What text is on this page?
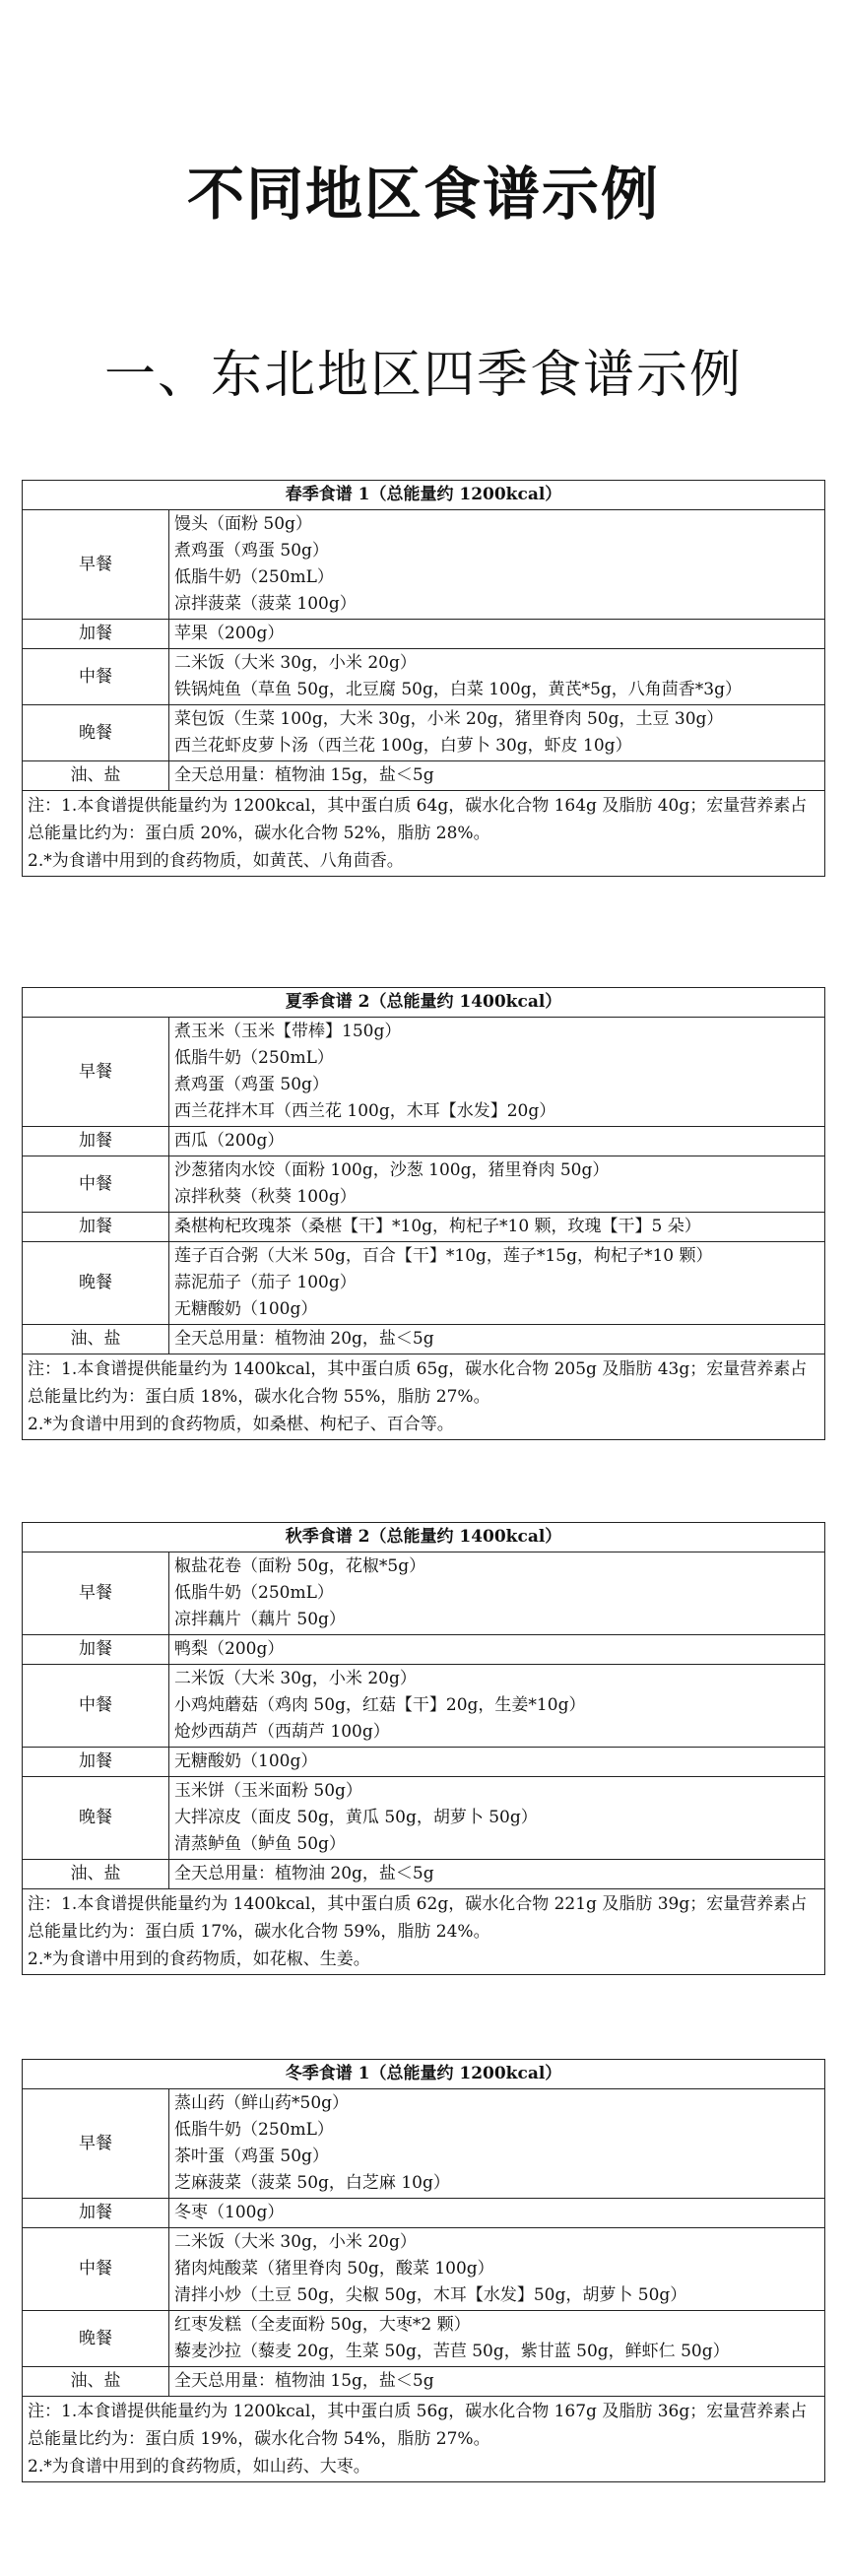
不同地区食谱示例
一、东北地区四季食谱示例
春季食谱 1（总能量约 1200kcal）	
早餐	馒头（面粉 50g）
煮鸡蛋（鸡蛋 50g）
低脂牛奶（250mL）
凉拌菠菜（菠菜 100g）

加餐	苹果（200g）

中餐	二米饭（大米 30g，小米 20g）
铁锅炖鱼（草鱼 50g，北豆腐 50g，白菜 100g，黄芪*5g，八角茴香*3g）

晚餐	菜包饭（生菜 100g，大米 30g，小米 20g，猪里脊肉 50g，土豆 30g）
西兰花虾皮萝卜汤（西兰花 100g，白萝卜 30g，虾皮 10g）

油、盐	全天总用量：植物油 15g，盐＜5g

注：1.本食谱提供能量约为 1200kcal，其中蛋白质 64g，碳水化合物 164g 及脂肪 40g；宏量营养素占总能量比约为：蛋白质 20%，碳水化合物 52%，脂肪 28%。
2.*为食谱中用到的食药物质，如黄芪、八角茴香。	
夏季食谱 2（总能量约 1400kcal）	
早餐	煮玉米（玉米【带棒】150g）
低脂牛奶（250mL）
煮鸡蛋（鸡蛋 50g）
西兰花拌木耳（西兰花 100g，木耳【水发】20g）

加餐	西瓜（200g）

中餐	沙葱猪肉水饺（面粉 100g，沙葱 100g，猪里脊肉 50g）
凉拌秋葵（秋葵 100g）

加餐	桑椹枸杞玫瑰茶（桑椹【干】*10g，枸杞子*10 颗，玫瑰【干】5 朵）

晚餐	莲子百合粥（大米 50g，百合【干】*10g，莲子*15g，枸杞子*10 颗）
蒜泥茄子（茄子 100g）
无糖酸奶（100g）

油、盐	全天总用量：植物油 20g，盐＜5g

注：1.本食谱提供能量约为 1400kcal，其中蛋白质 65g，碳水化合物 205g 及脂肪 43g；宏量营养素占总能量比约为：蛋白质 18%，碳水化合物 55%，脂肪 27%。
2.*为食谱中用到的食药物质，如桑椹、枸杞子、百合等。	
秋季食谱 2（总能量约 1400kcal）	
早餐	椒盐花卷（面粉 50g，花椒*5g）
低脂牛奶（250mL）
凉拌藕片（藕片 50g）

加餐	鸭梨（200g）

中餐	二米饭（大米 30g，小米 20g）
小鸡炖蘑菇（鸡肉 50g，红菇【干】20g，生姜*10g）
炝炒西葫芦（西葫芦 100g）

加餐	无糖酸奶（100g）

晚餐	玉米饼（玉米面粉 50g）
大拌凉皮（面皮 50g，黄瓜 50g，胡萝卜 50g）
清蒸鲈鱼（鲈鱼 50g）

油、盐	全天总用量：植物油 20g，盐＜5g

注：1.本食谱提供能量约为 1400kcal，其中蛋白质 62g，碳水化合物 221g 及脂肪 39g；宏量营养素占总能量比约为：蛋白质 17%，碳水化合物 59%，脂肪 24%。
2.*为食谱中用到的食药物质，如花椒、生姜。	
冬季食谱 1（总能量约 1200kcal）	
早餐	蒸山药（鲜山药*50g）
低脂牛奶（250mL）
茶叶蛋（鸡蛋 50g）
芝麻菠菜（菠菜 50g，白芝麻 10g）

加餐	冬枣（100g）

中餐	二米饭（大米 30g，小米 20g）
猪肉炖酸菜（猪里脊肉 50g，酸菜 100g）
清拌小炒（土豆 50g，尖椒 50g，木耳【水发】50g，胡萝卜 50g）

晚餐	红枣发糕（全麦面粉 50g，大枣*2 颗）
藜麦沙拉（藜麦 20g，生菜 50g，苦苣 50g，紫甘蓝 50g，鲜虾仁 50g）

油、盐	全天总用量：植物油 15g，盐＜5g

注：1.本食谱提供能量约为 1200kcal，其中蛋白质 56g，碳水化合物 167g 及脂肪 36g；宏量营养素占总能量比约为：蛋白质 19%，碳水化合物 54%，脂肪 27%。
2.*为食谱中用到的食药物质，如山药、大枣。	
